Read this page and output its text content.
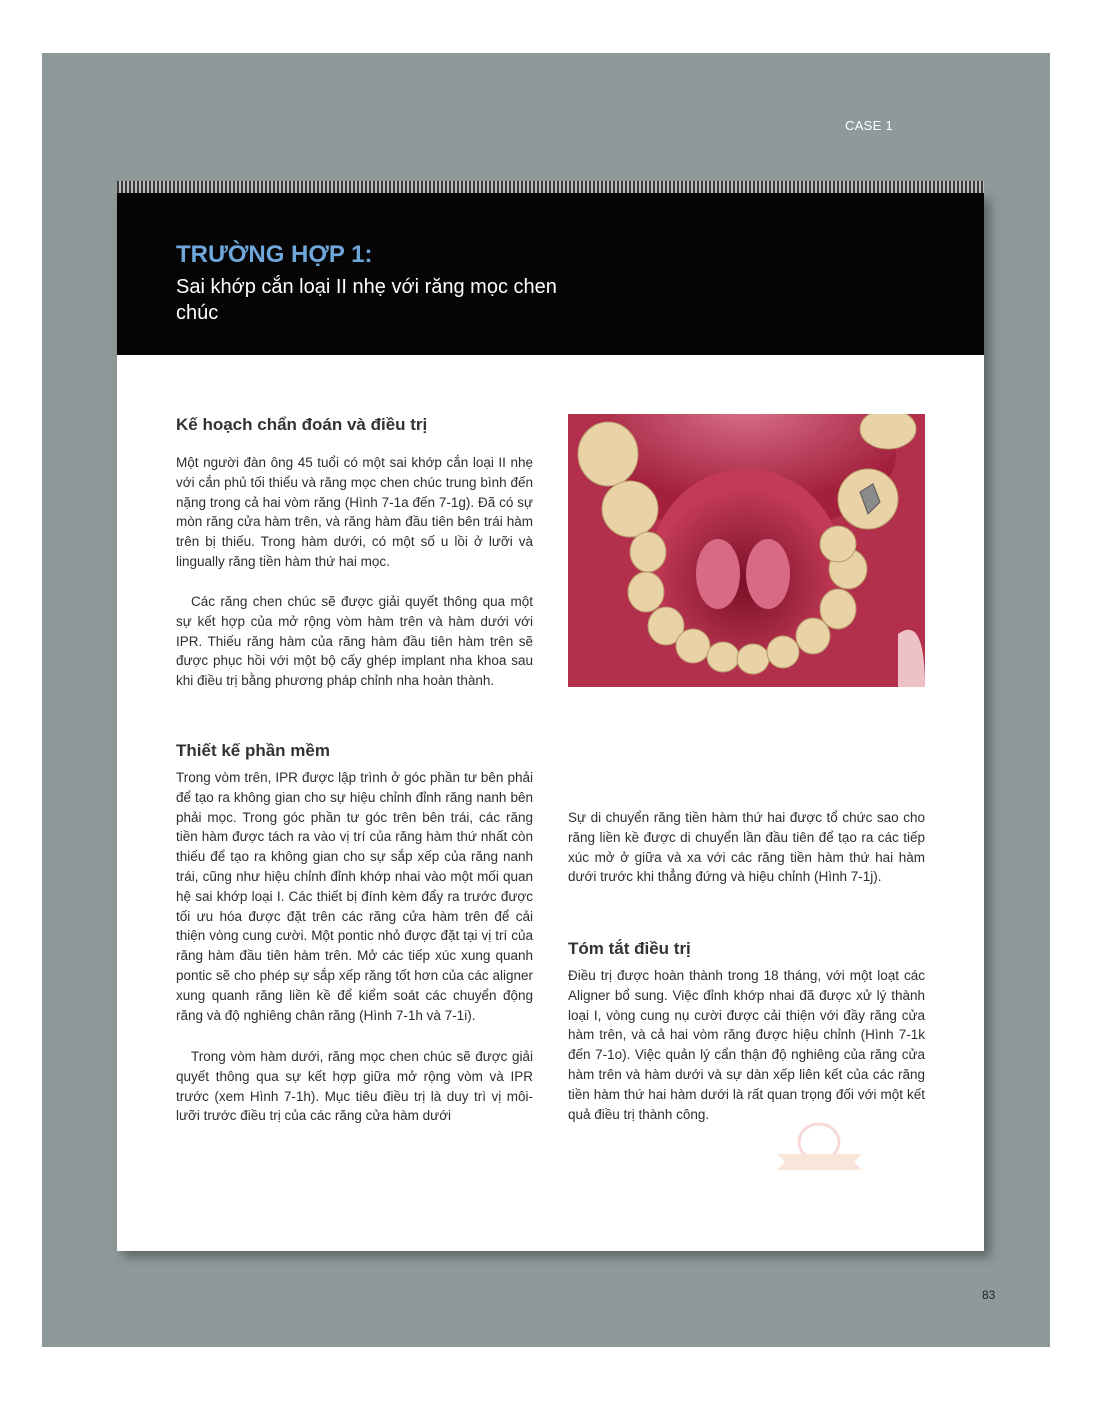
CASE 1
TRƯỜNG HỢP 1:

Sai khớp cắn loại II nhẹ với răng mọc chen chúc

Kế hoạch chẩn đoán và điều trị

Một người đàn ông 45 tuổi có một sai khớp cắn loại II nhẹ với cắn phủ tối thiểu và răng mọc chen chúc trung bình đến nặng trong cả hai vòm răng (Hình 7-1a đến 7-1g). Đã có sự mòn răng cửa hàm trên, và răng hàm đầu tiên bên trái hàm trên bị thiếu. Trong hàm dưới, có một số u lồi ở lưỡi và lingually răng tiền hàm thứ hai mọc.

Các răng chen chúc sẽ được giải quyết thông qua một sự kết hợp của mở rộng vòm hàm trên và hàm dưới với IPR. Thiếu răng hàm của răng hàm đầu tiên hàm trên sẽ được phục hồi với một bộ cấy ghép implant nha khoa sau khi điều trị bằng phương pháp chỉnh nha hoàn thành.

Thiết kế phần mềm

Trong vòm trên, IPR được lập trình ở góc phần tư bên phải để tạo ra không gian cho sự hiệu chỉnh đỉnh răng nanh bên phải mọc. Trong góc phần tư góc trên bên trái, các răng tiền hàm được tách ra vào vị trí của răng hàm thứ nhất còn thiếu để tạo ra không gian cho sự sắp xếp của răng nanh trái, cũng như hiệu chỉnh đỉnh khớp nhai vào một mối quan hệ sai khớp loại I. Các thiết bị đính kèm đẩy ra trước được tối ưu hóa được đặt trên các răng cửa hàm trên để cải thiện vòng cung cười. Một pontic nhỏ được đặt tại vị trí của răng hàm đầu tiên hàm trên. Mở các tiếp xúc xung quanh pontic sẽ cho phép sự sắp xếp răng tốt hơn của các aligner xung quanh răng liền kề để kiểm soát các chuyển động răng và độ nghiêng chân răng (Hình 7-1h và 7-1i).

Trong vòm hàm dưới, răng mọc chen chúc sẽ được giải quyết thông qua sự kết hợp giữa mở rộng vòm và IPR trước (xem Hình 7-1h). Mục tiêu điều trị là duy trì vị môi-lưỡi trước điều trị của các răng cửa hàm dưới

Sự di chuyển răng tiền hàm thứ hai được tổ chức sao cho răng liền kề được di chuyển lần đầu tiên để tạo ra các tiếp xúc mở ở giữa và xa với các răng tiền hàm thứ hai hàm dưới trước khi thẳng đứng và hiệu chỉnh (Hình 7-1j).

Tóm tắt điều trị

Điều trị được hoàn thành trong 18 tháng, với một loạt các Aligner bổ sung. Việc đỉnh khớp nhai đã được xử lý thành loại I, vòng cung nụ cười được cải thiện với đầy răng cửa hàm trên, và cả hai vòm răng được hiệu chỉnh (Hình 7-1k đến 7-1o). Việc quản lý cẩn thận độ nghiêng của răng cửa hàm trên và hàm dưới và sự dàn xếp liên kết của các răng tiền hàm thứ hai hàm dưới là rất quan trọng đối với một kết quả điều trị thành công.

83
